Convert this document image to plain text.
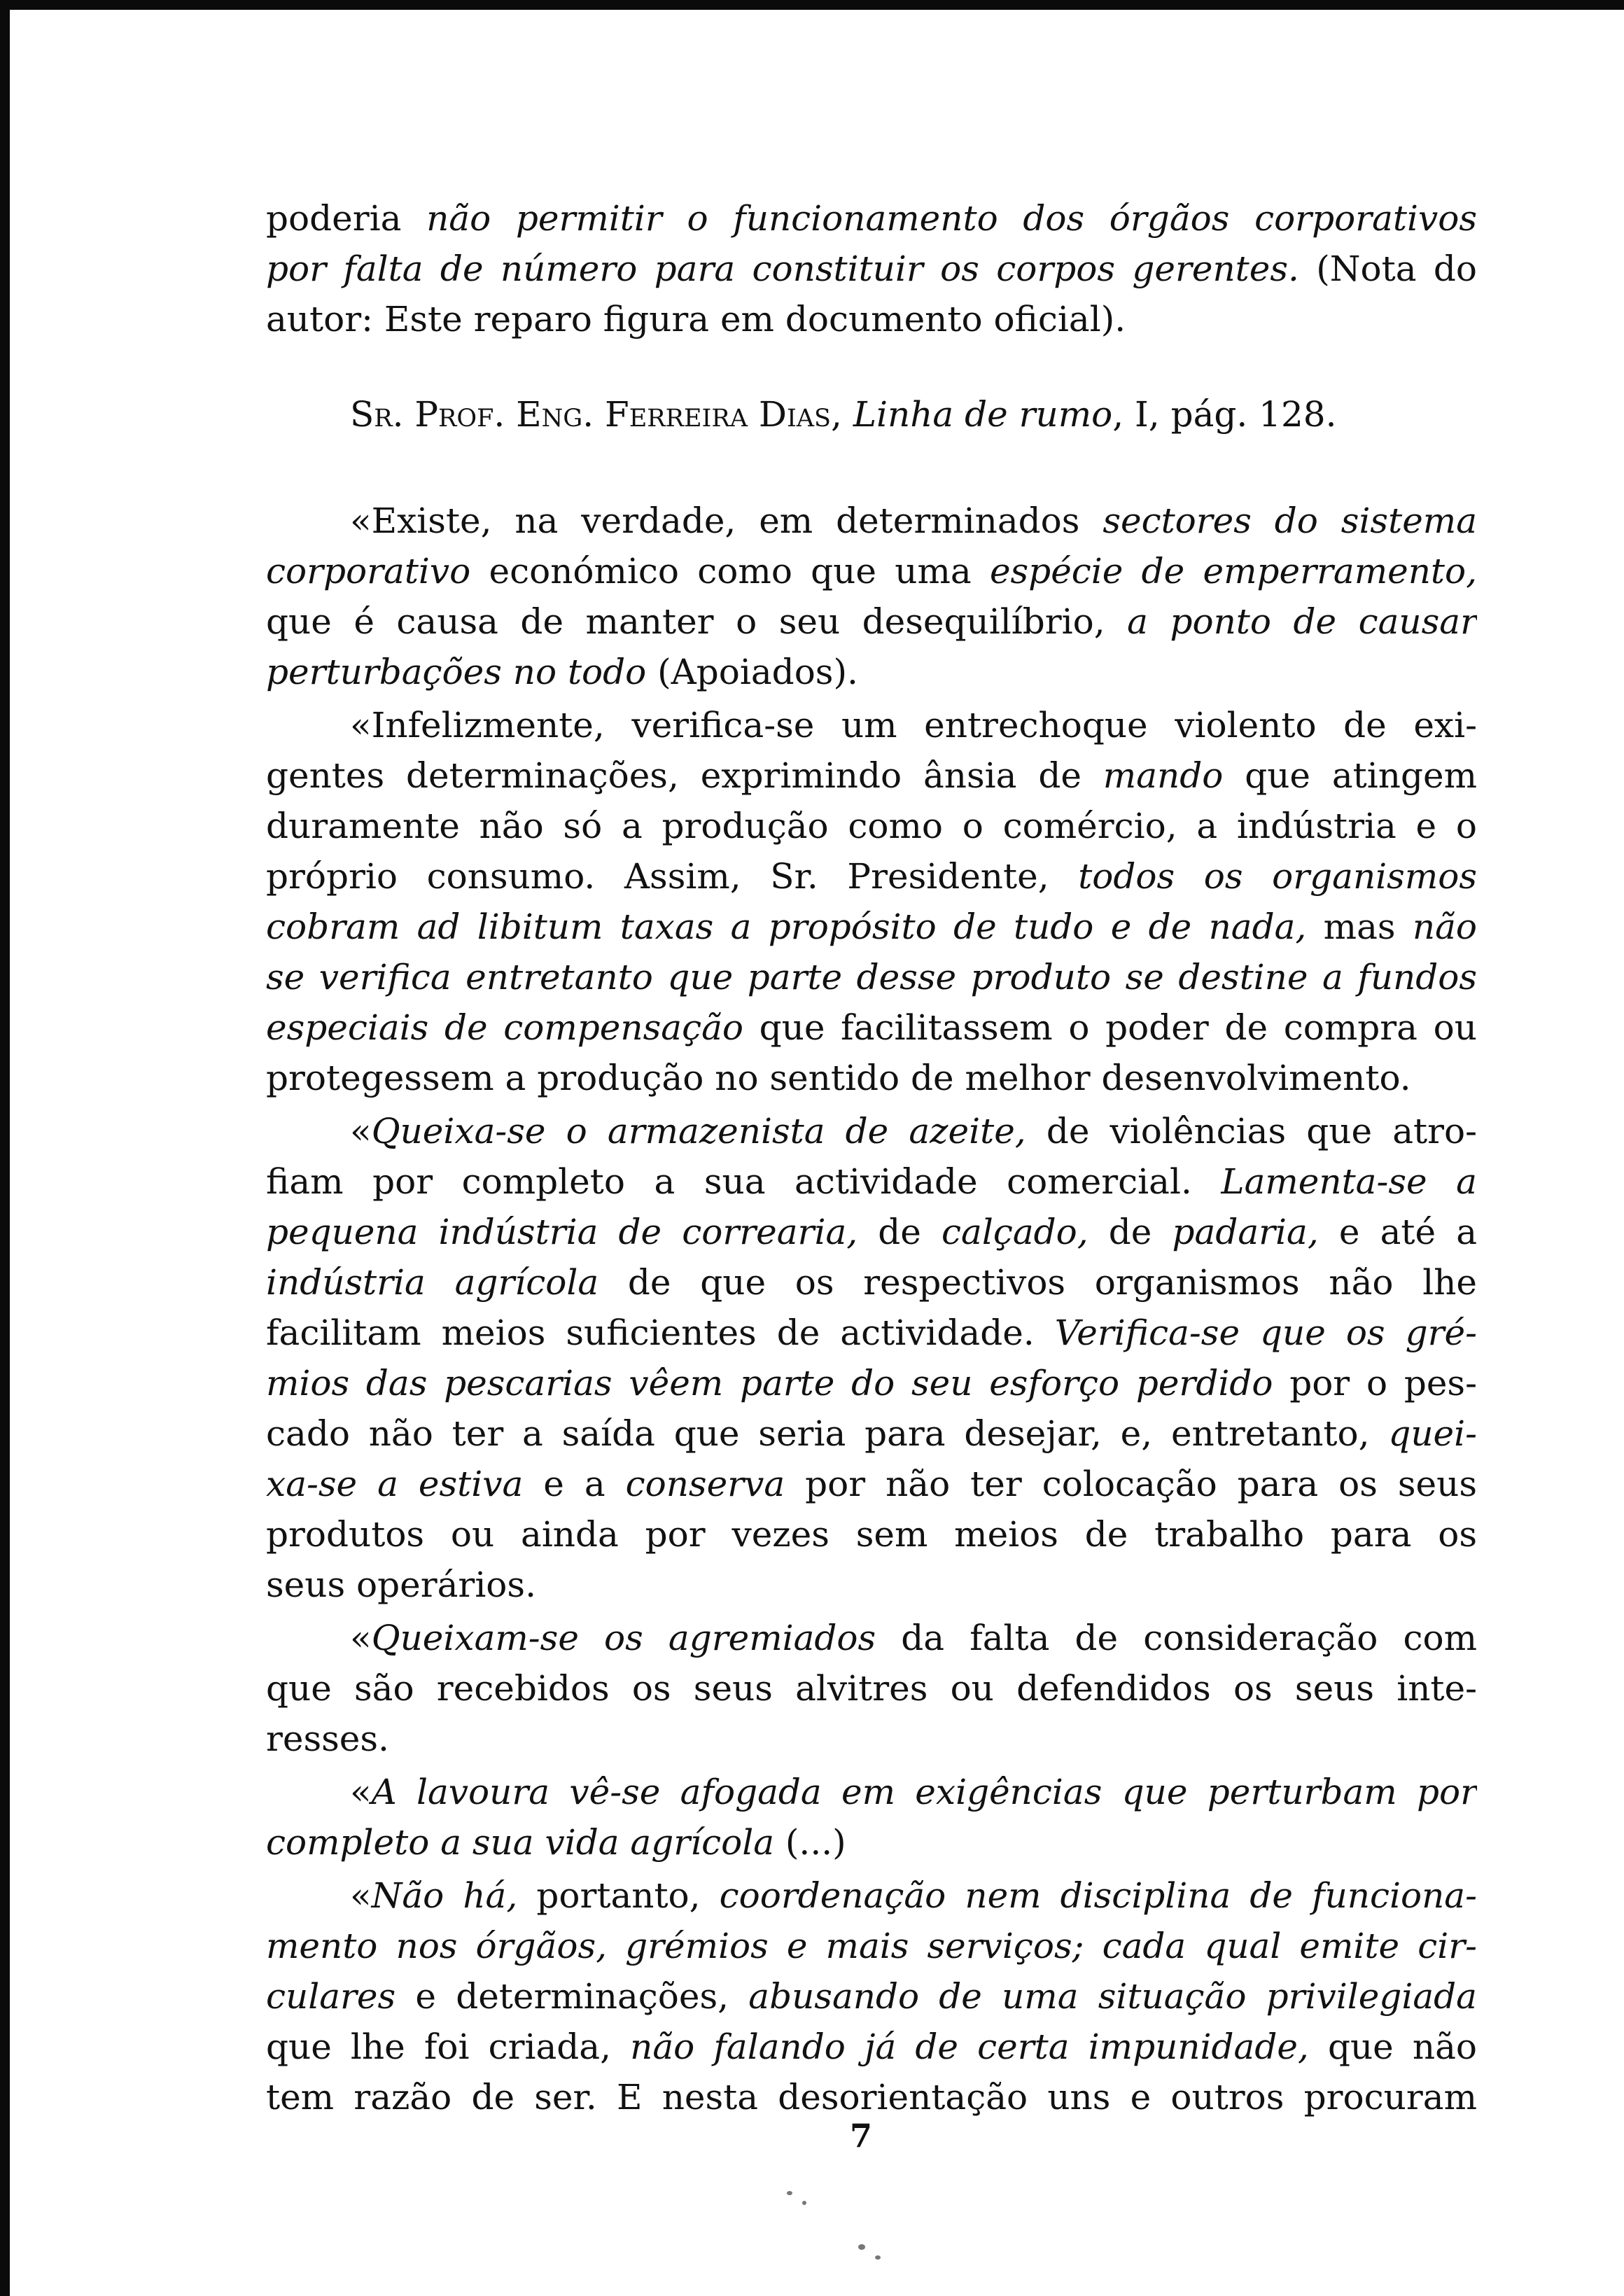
poderia não permitir o funcionamento dos órgãos corporativos
por falta de número para constituir os corpos gerentes. (Nota do
autor: Este reparo figura em documento oficial).
Sr. Prof. Eng. Ferreira Dias, Linha de rumo, I, pág. 128.
«Existe, na verdade, em determinados sectores do sistema
corporativo económico como que uma espécie de emperramento,
que é causa de manter o seu desequilíbrio, a ponto de causar
perturbações no todo (Apoiados).
«Infelizmente, verifica-se um entrechoque violento de exi-
gentes determinações, exprimindo ânsia de mando que atingem
duramente não só a produção como o comércio, a indústria e o
próprio consumo. Assim, Sr. Presidente, todos os organismos
cobram ad libitum taxas a propósito de tudo e de nada, mas não
se verifica entretanto que parte desse produto se destine a fundos
especiais de compensação que facilitassem o poder de compra ou
protegessem a produção no sentido de melhor desenvolvimento.
«Queixa-se o armazenista de azeite, de violências que atro-
fiam por completo a sua actividade comercial. Lamenta-se a
pequena indústria de correaria, de calçado, de padaria, e até a
indústria agrícola de que os respectivos organismos não lhe
facilitam meios suficientes de actividade. Verifica-se que os gré-
mios das pescarias vêem parte do seu esforço perdido por o pes-
cado não ter a saída que seria para desejar, e, entretanto, quei-
xa-se a estiva e a conserva por não ter colocação para os seus
produtos ou ainda por vezes sem meios de trabalho para os
seus operários.
«Queixam-se os agremiados da falta de consideração com
que são recebidos os seus alvitres ou defendidos os seus inte-
resses.
«A lavoura vê-se afogada em exigências que perturbam por
completo a sua vida agrícola (...)
«Não há, portanto, coordenação nem disciplina de funciona-
mento nos órgãos, grémios e mais serviços; cada qual emite cir-
culares e determinações, abusando de uma situação privilegiada
que lhe foi criada, não falando já de certa impunidade, que não
tem razão de ser. E nesta desorientação uns e outros procuram
7
